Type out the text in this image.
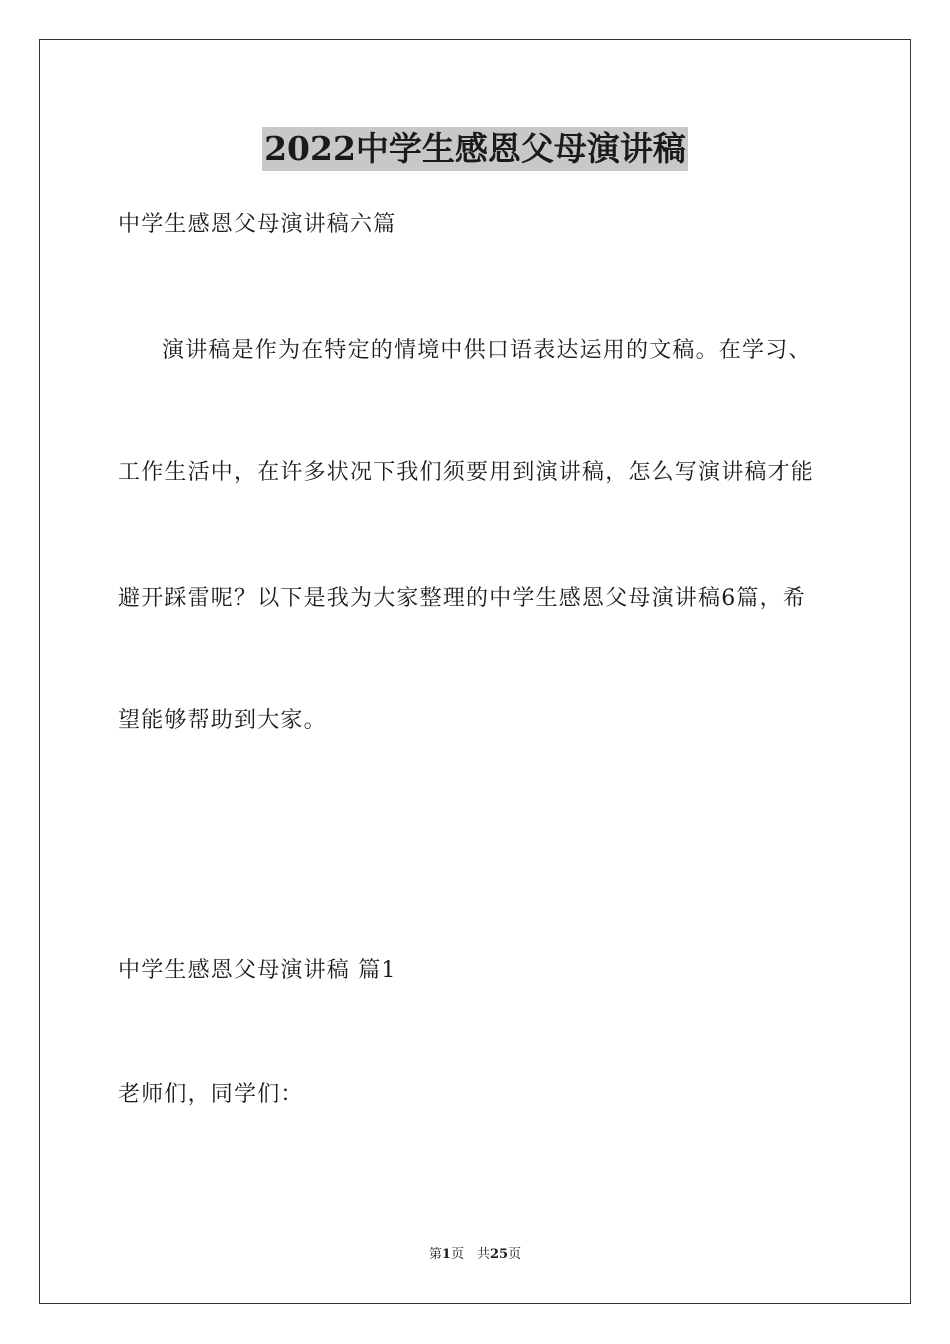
2022中学生感恩父母演讲稿
中学生感恩父母演讲稿六篇
演讲稿是作为在特定的情境中供口语表达运用的文稿。在学习、
工作生活中，在许多状况下我们须要用到演讲稿，怎么写演讲稿才能
避开踩雷呢？以下是我为大家整理的中学生感恩父母演讲稿6篇，希
望能够帮助到大家。
中学生感恩父母演讲稿 篇1
老师们，同学们：
第1页　共25页
